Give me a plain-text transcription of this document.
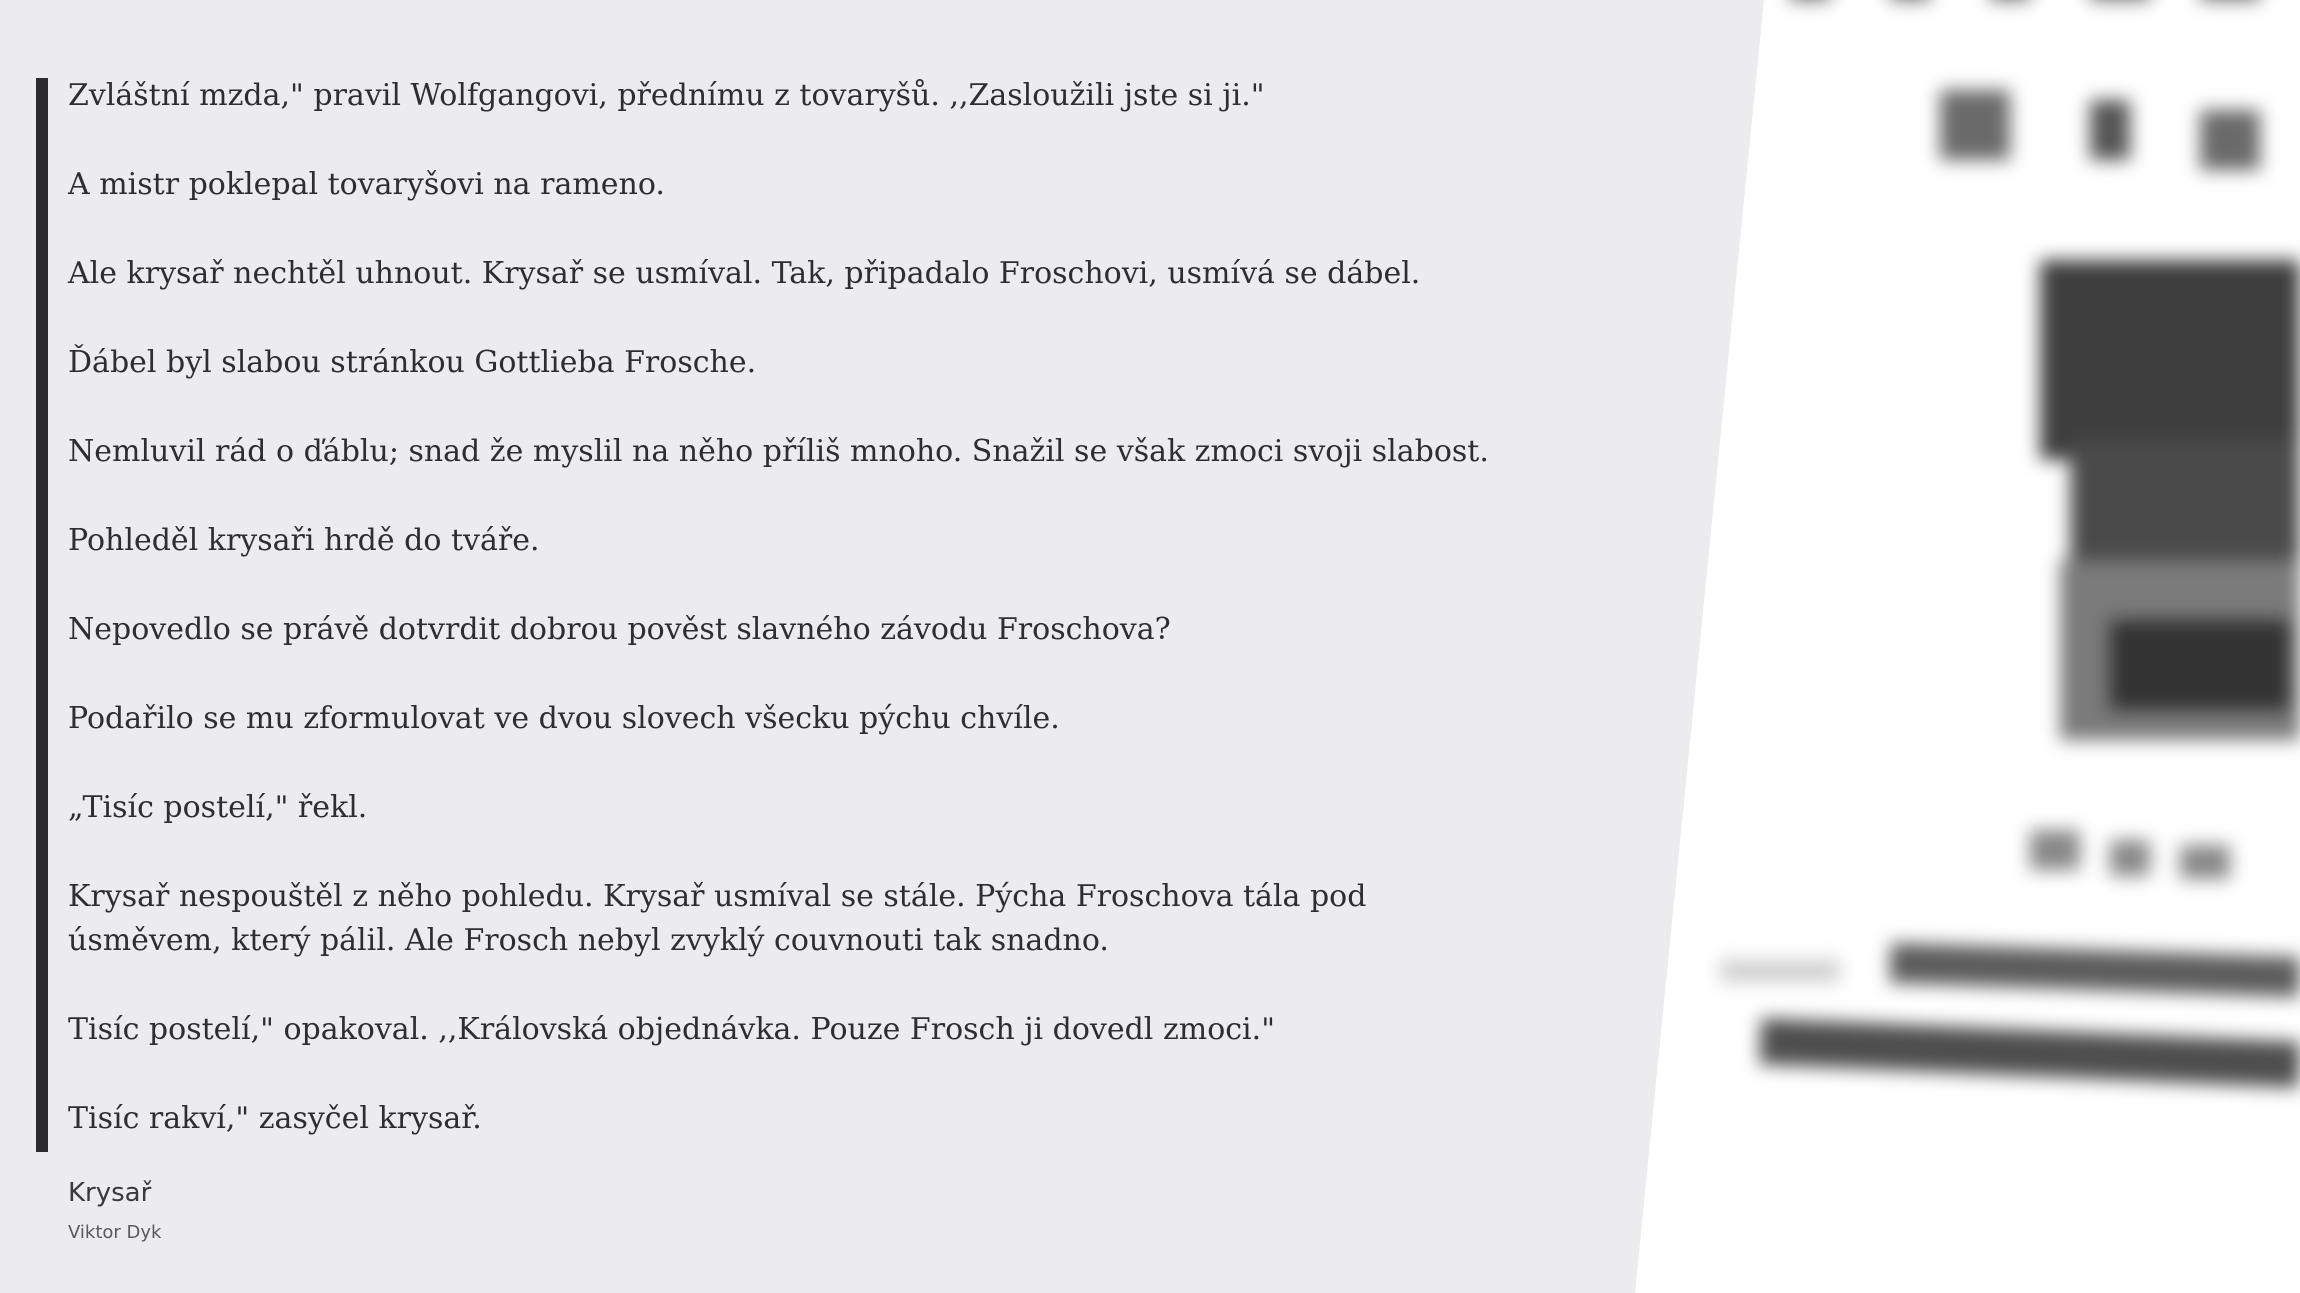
Zvláštní mzda," pravil Wolfgangovi, přednímu z tovaryšů. ,,Zasloužili jste si ji."

A mistr poklepal tovaryšovi na rameno.

Ale krysař nechtěl uhnout. Krysař se usmíval. Tak, připadalo Froschovi, usmívá se dábel.

Ďábel byl slabou stránkou Gottlieba Frosche.

Nemluvil rád o ďáblu; snad že myslil na něho příliš mnoho. Snažil se však zmoci svoji slabost.

Pohleděl krysaři hrdě do tváře.

Nepovedlo se právě dotvrdit dobrou pověst slavného závodu Froschova?

Podařilo se mu zformulovat ve dvou slovech všecku pýchu chvíle.

„Tisíc postelí," řekl.

Krysař nespouštěl z něho pohledu. Krysař usmíval se stále. Pýcha Froschova tála pod úsměvem, který pálil. Ale Frosch nebyl zvyklý couvnouti tak snadno.

Tisíc postelí," opakoval. ,,Královská objednávka. Pouze Frosch ji dovedl zmoci."

Tisíc rakví," zasyčel krysař.

Krysař
Viktor Dyk
